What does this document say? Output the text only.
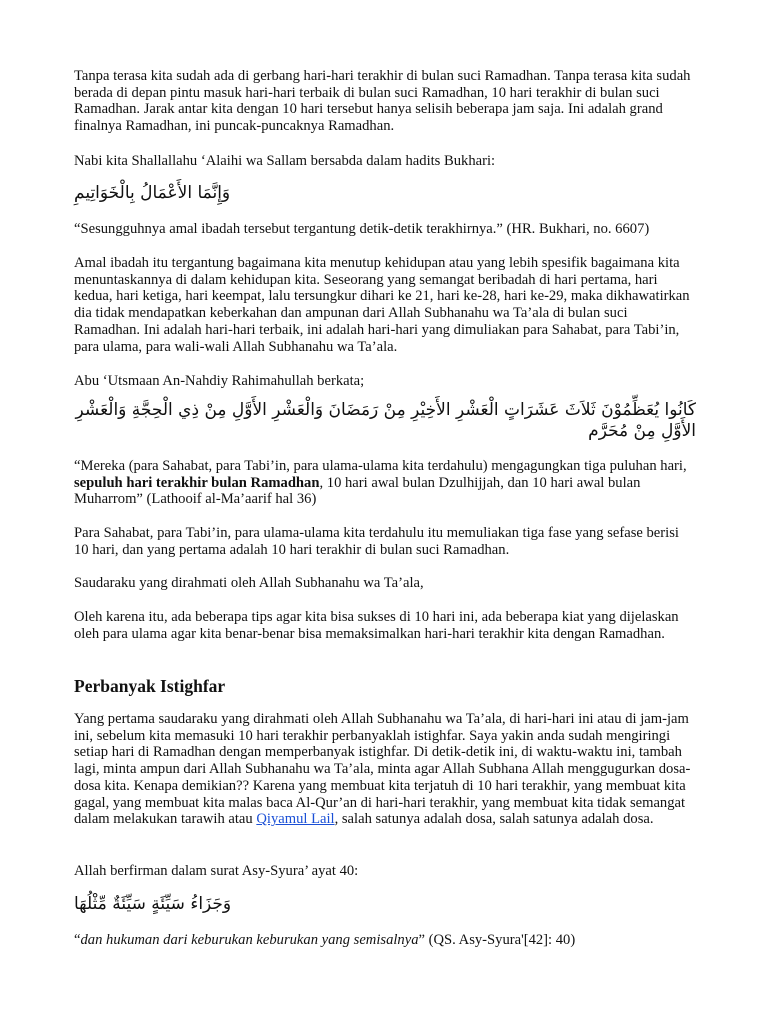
Tanpa terasa kita sudah ada di gerbang hari-hari terakhir di bulan suci Ramadhan. Tanpa terasa kita sudah berada di depan pintu masuk hari-hari terbaik di bulan suci Ramadhan, 10 hari terakhir di bulan suci Ramadhan. Jarak antar kita dengan 10 hari tersebut hanya selisih beberapa jam saja. Ini adalah grand finalnya Ramadhan, ini puncak-puncaknya Ramadhan.

Nabi kita Shallallahu ‘Alaihi wa Sallam bersabda dalam hadits Bukhari:

وَإِنَّمَا الأَعْمَالُ بِالْخَوَاتِيمِ

“Sesungguhnya amal ibadah tersebut tergantung detik-detik terakhirnya.” (HR. Bukhari, no. 6607)

Amal ibadah itu tergantung bagaimana kita menutup kehidupan atau yang lebih spesifik bagaimana kita menuntaskannya di dalam kehidupan kita. Seseorang yang semangat beribadah di hari pertama, hari kedua, hari ketiga, hari keempat, lalu tersungkur dihari ke 21, hari ke-28, hari ke-29, maka dikhawatirkan dia tidak mendapatkan keberkahan dan ampunan dari Allah Subhanahu wa Ta’ala di bulan suci Ramadhan. Ini adalah hari-hari terbaik, ini adalah hari-hari yang dimuliakan para Sahabat, para Tabi’in, para ulama, para wali-wali Allah Subhanahu wa Ta’ala.

Abu ‘Utsmaan An-Nahdiy Rahimahullah berkata;

كَانُوا يُعَظِّمُوْنَ ثَلاَثَ عَشَرَاتٍ الْعَشْرِ الأَخِيْرِ مِنْ رَمَضَانَ وَالْعَشْرِ الأَوَّلِ مِنْ ذِي الْحِجَّةِ وَالْعَشْرِ الأَوَّلِ مِنْ مُحَرَّم

“Mereka (para Sahabat, para Tabi’in, para ulama-ulama kita terdahulu) mengagungkan tiga puluhan hari, sepuluh hari terakhir bulan Ramadhan, 10 hari awal bulan Dzulhijjah, dan 10 hari awal bulan Muharrom” (Lathooif al-Ma’aarif hal 36)

Para Sahabat, para Tabi’in, para ulama-ulama kita terdahulu itu memuliakan tiga fase yang sefase berisi 10 hari, dan yang pertama adalah 10 hari terakhir di bulan suci Ramadhan.

Saudaraku yang dirahmati oleh Allah Subhanahu wa Ta’ala,

Oleh karena itu, ada beberapa tips agar kita bisa sukses di 10 hari ini, ada beberapa kiat yang dijelaskan oleh para ulama agar kita benar-benar bisa memaksimalkan hari-hari terakhir kita dengan Ramadhan.

Perbanyak Istighfar

Yang pertama saudaraku yang dirahmati oleh Allah Subhanahu wa Ta’ala, di hari-hari ini atau di jam-jam ini, sebelum kita memasuki 10 hari terakhir perbanyaklah istighfar. Saya yakin anda sudah mengiringi setiap hari di Ramadhan dengan memperbanyak istighfar. Di detik-detik ini, di waktu-waktu ini, tambah lagi, minta ampun dari Allah Subhanahu wa Ta’ala, minta agar Allah Subhana Allah menggugurkan dosa-dosa kita. Kenapa demikian?? Karena yang membuat kita terjatuh di 10 hari terakhir, yang membuat kita gagal, yang membuat kita malas baca Al-Qur’an di hari-hari terakhir, yang membuat kita tidak semangat dalam melakukan tarawih atau Qiyamul Lail, salah satunya adalah dosa, salah satunya adalah dosa.

Allah berfirman dalam surat Asy-Syura’ ayat 40:

وَجَزَاءُ سَيِّئَةٍ سَيِّئَةٌ مِّثْلُهَا

“dan hukuman dari keburukan keburukan yang semisalnya” (QS. Asy-Syura'[42]: 40)
